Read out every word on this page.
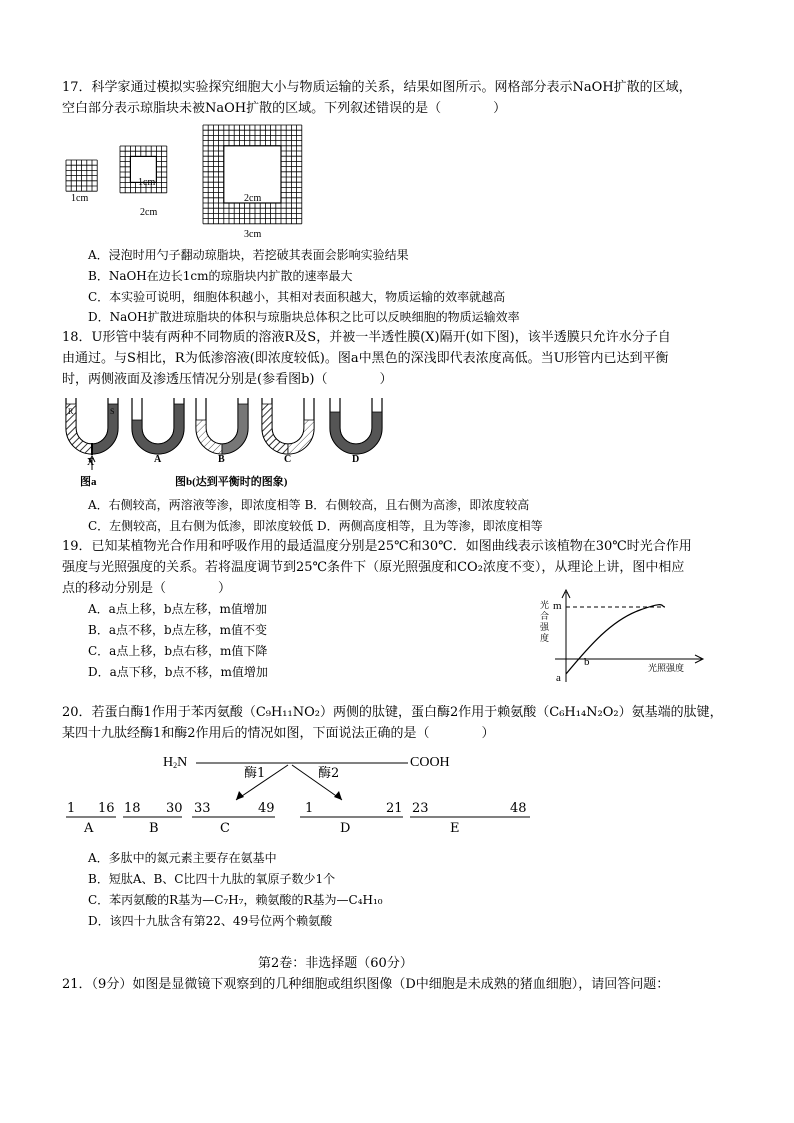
17．科学家通过模拟实验探究细胞大小与物质运输的关系，结果如图所示。网格部分表示NaOH扩散的区域，
空白部分表示琼脂块未被NaOH扩散的区域。下列叙述错误的是（　　　　）
1cm
1cm
2cm
2cm
3cm
A．浸泡时用勺子翻动琼脂块，若挖破其表面会影响实验结果
B．NaOH在边长1cm的琼脂块内扩散的速率最大
C．本实验可说明，细胞体积越小，其相对表面积越大，物质运输的效率就越高
D．NaOH扩散进琼脂块的体积与琼脂块总体积之比可以反映细胞的物质运输效率
18．U形管中装有两种不同物质的溶液R及S，并被一半透性膜(X)隔开(如下图)，该半透膜只允许水分子自
由通过。与S相比，R为低渗溶液(即浓度较低)。图a中黑色的深浅即代表浓度高低。当U形管内已达到平衡
时，两侧液面及渗透压情况分别是(参看图b)（　　　　）
R	S
X	A	B	C	D
图a	图b(达到平衡时的图象)
A．右侧较高，两溶液等渗，即浓度相等 B．右侧较高，且右侧为高渗，即浓度较高
C．左侧较高，且右侧为低渗，即浓度较低 D．两侧高度相等，且为等渗，即浓度相等
19．已知某植物光合作用和呼吸作用的最适温度分别是25℃和30℃．如图曲线表示该植物在30℃时光合作用
强度与光照强度的关系。若将温度调节到25℃条件下（原光照强度和CO₂浓度不变），从理论上讲，图中相应
点的移动分别是（　　　　）
A．a点上移，b点左移，m值增加
B．a点不移，b点左移，m值不变
C．a点上移，b点右移，m值下降
D．a点下移，b点不移，m值增加
光
合
强
度
m
b
a
光照强度
20．若蛋白酶1作用于苯丙氨酸（C₉H₁₁NO₂）两侧的肽键，蛋白酶2作用于赖氨酸（C₆H₁₄N₂O₂）氨基端的肽键，
某四十九肽经酶1和酶2作用后的情况如图，下面说法正确的是（　　　　）
$H_2N$	COOH
酶1	酶2
1 16
A
18 30
B
33	49
C
1	21
D
23	48
E
A．多肽中的氮元素主要存在氨基中
B．短肽A、B、C比四十九肽的氧原子数少1个
C．苯丙氨酸的R基为—C₇H₇，赖氨酸的R基为—C₄H₁₀
D．该四十九肽含有第22、49号位两个赖氨酸
第2卷：非选择题（60分）
21．（9分）如图是显微镜下观察到的几种细胞或组织图像（D中细胞是未成熟的猪血细胞），请回答问题：
